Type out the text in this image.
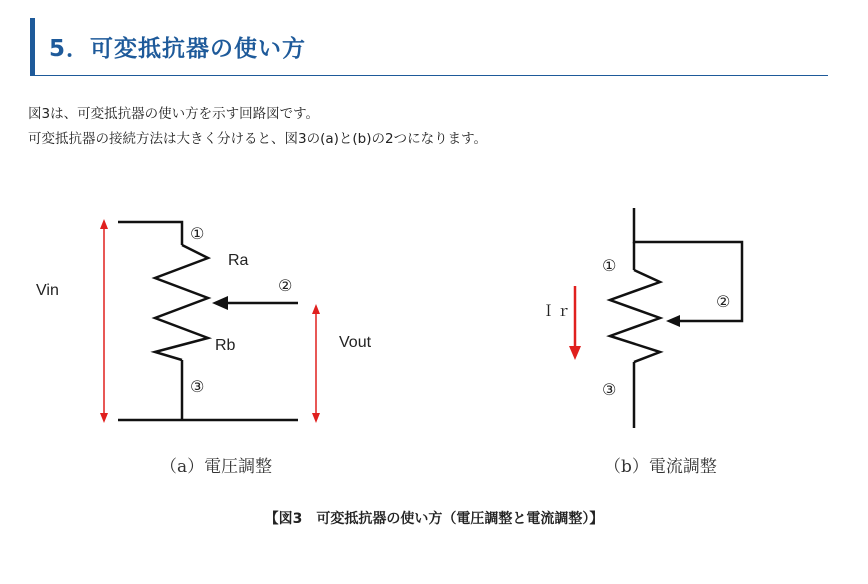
5．可変抵抗器の使い方
図3は、可変抵抗器の使い方を示す回路図です。
可変抵抗器の接続方法は大きく分けると、図3の(a)と(b)の2つになります。
Vin
Vout
Ra
Rb
①
②
③
（a）電圧調整
Ｉｒ
①
②
③
（b）電流調整
【図3　可変抵抗器の使い方（電圧調整と電流調整）】
